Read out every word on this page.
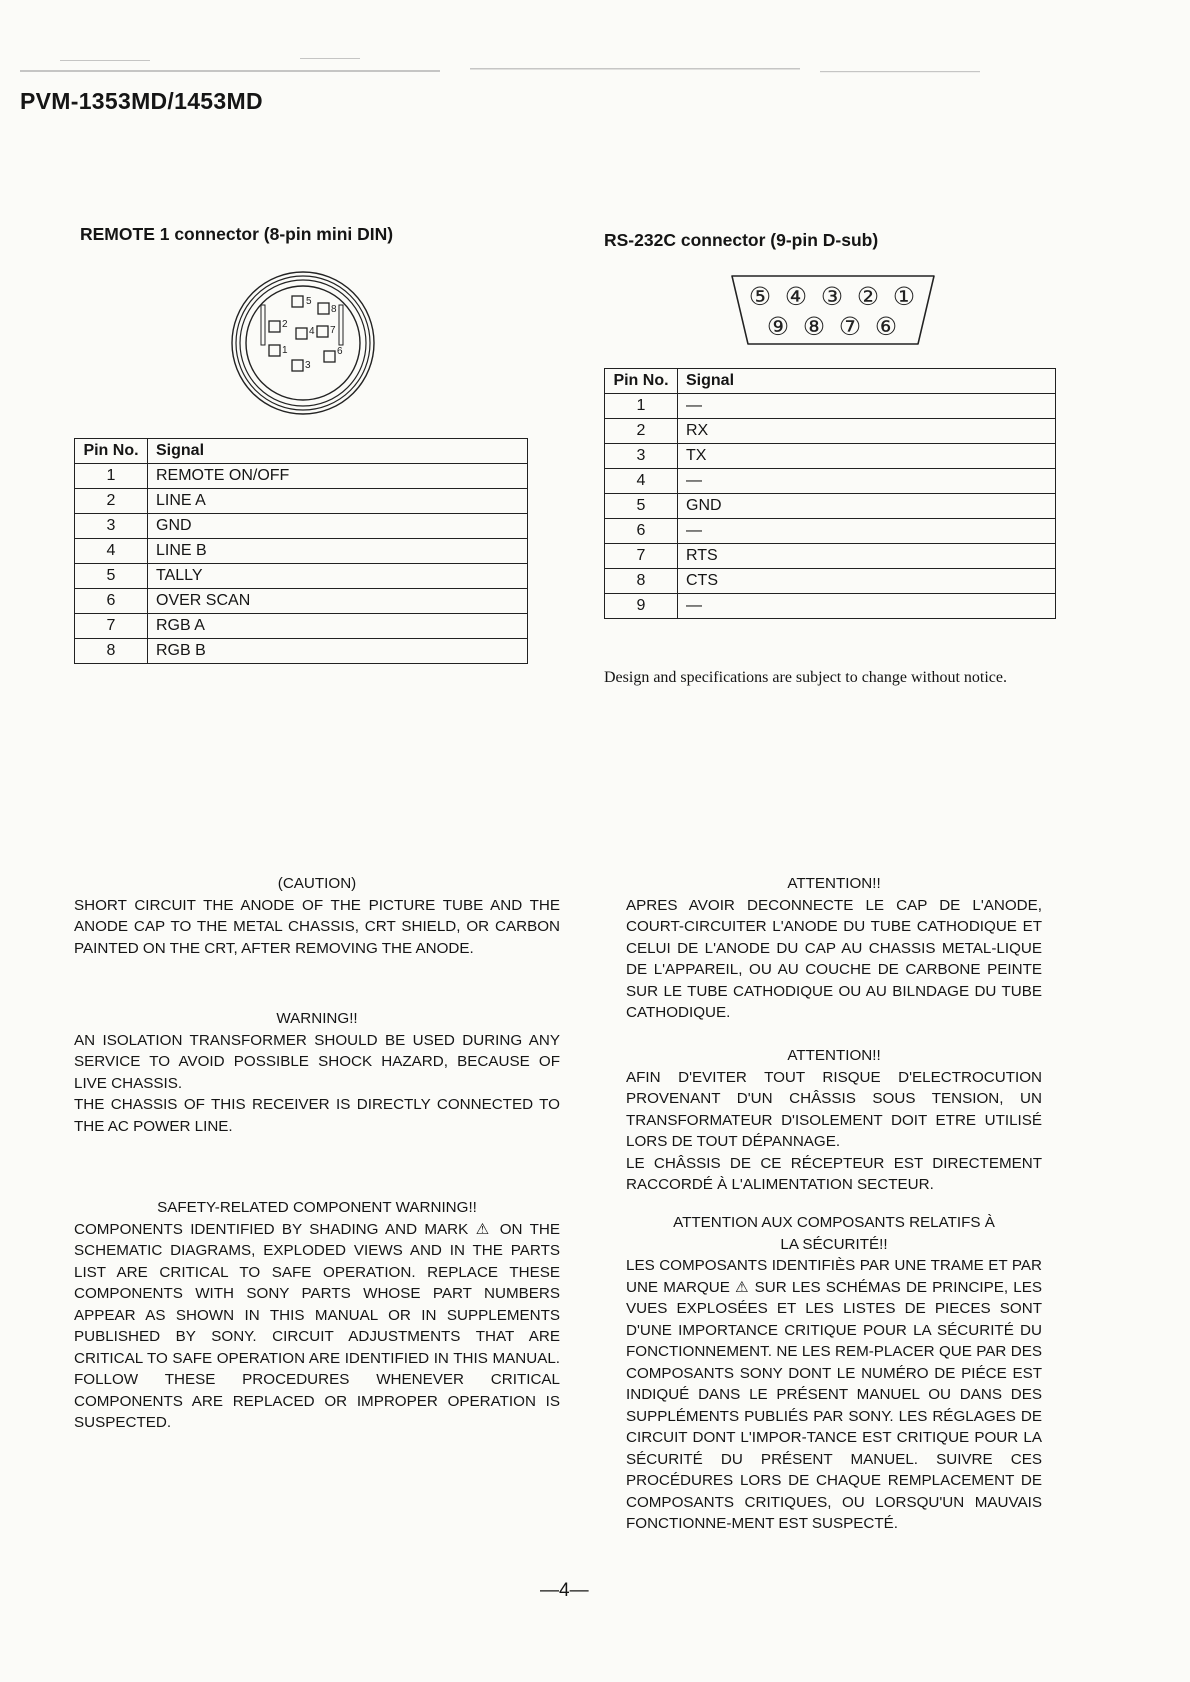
PVM-1353MD/1453MD
REMOTE 1 connector (8-pin mini DIN)
5
2
4 7
1
8
3
6
Pin No.	Signal
1	REMOTE ON/OFF
2	LINE A
3	GND
4	LINE B
5	TALLY
6	OVER SCAN
7	RGB A
8	RGB B
RS-232C connector (9-pin D-sub)
⑤ ④ ③ ② ①
⑨ ⑧ ⑦ ⑥
Pin No.	Signal
1	—
2	RX
3	TX
4	—
5	GND
6	—
7	RTS
8	CTS
9	—
Design and specifications are subject to change without notice.
(CAUTION)

SHORT CIRCUIT THE ANODE OF THE PICTURE TUBE AND THE ANODE CAP TO THE METAL CHASSIS, CRT SHIELD, OR CARBON PAINTED ON THE CRT, AFTER REMOVING THE ANODE.

WARNING!!

AN ISOLATION TRANSFORMER SHOULD BE USED DURING ANY SERVICE TO AVOID POSSIBLE SHOCK HAZARD, BECAUSE OF LIVE CHASSIS.

THE CHASSIS OF THIS RECEIVER IS DIRECTLY CONNECTED TO THE AC POWER LINE.

SAFETY-RELATED COMPONENT WARNING!!

COMPONENTS IDENTIFIED BY SHADING AND MARK ⚠ ON THE SCHEMATIC DIAGRAMS, EXPLODED VIEWS AND IN THE PARTS LIST ARE CRITICAL TO SAFE OPERATION. REPLACE THESE COMPONENTS WITH SONY PARTS WHOSE PART NUMBERS APPEAR AS SHOWN IN THIS MANUAL OR IN SUPPLEMENTS PUBLISHED BY SONY. CIRCUIT ADJUSTMENTS THAT ARE CRITICAL TO SAFE OPERATION ARE IDENTIFIED IN THIS MANUAL. FOLLOW THESE PROCEDURES WHENEVER CRITICAL COMPONENTS ARE REPLACED OR IMPROPER OPERATION IS SUSPECTED.

ATTENTION!!

APRES AVOIR DECONNECTE LE CAP DE L'ANODE, COURT-CIRCUITER L'ANODE DU TUBE CATHODIQUE ET CELUI DE L'ANODE DU CAP AU CHASSIS METAL-LIQUE DE L'APPAREIL, OU AU COUCHE DE CARBONE PEINTE SUR LE TUBE CATHODIQUE OU AU BILNDAGE DU TUBE CATHODIQUE.

ATTENTION!!

AFIN D'EVITER TOUT RISQUE D'ELECTROCUTION PROVENANT D'UN CHÂSSIS SOUS TENSION, UN TRANSFORMATEUR D'ISOLEMENT DOIT ETRE UTILISÉ LORS DE TOUT DÉPANNAGE.

LE CHÂSSIS DE CE RÉCEPTEUR EST DIRECTEMENT RACCORDÉ À L'ALIMENTATION SECTEUR.

ATTENTION AUX COMPOSANTS RELATIFS À LA SÉCURITÉ!!

LES COMPOSANTS IDENTIFIÈS PAR UNE TRAME ET PAR UNE MARQUE ⚠ SUR LES SCHÉMAS DE PRINCIPE, LES VUES EXPLOSÉES ET LES LISTES DE PIECES SONT D'UNE IMPORTANCE CRITIQUE POUR LA SÉCURITÉ DU FONCTIONNEMENT. NE LES REM-PLACER QUE PAR DES COMPOSANTS SONY DONT LE NUMÉRO DE PIÉCE EST INDIQUÉ DANS LE PRÉSENT MANUEL OU DANS DES SUPPLÉMENTS PUBLIÉS PAR SONY. LES RÉGLAGES DE CIRCUIT DONT L'IMPOR-TANCE EST CRITIQUE POUR LA SÉCURITÉ DU PRÉSENT MANUEL. SUIVRE CES PROCÉDURES LORS DE CHAQUE REMPLACEMENT DE COMPOSANTS CRITIQUES, OU LORSQU'UN MAUVAIS FONCTIONNE-MENT EST SUSPECTÉ.

—4—
